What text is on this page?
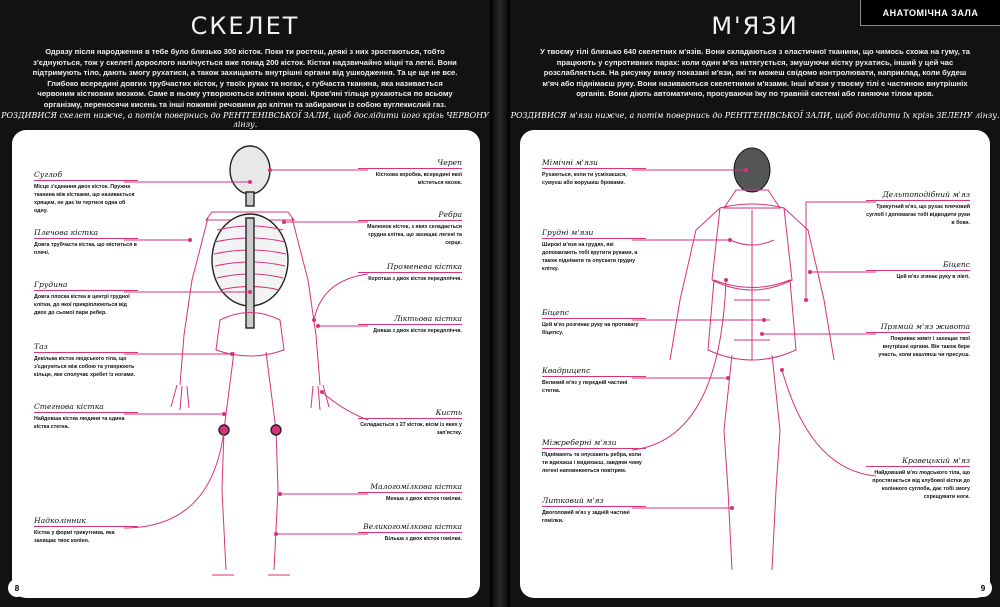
СКЕЛЕТ

Одразу після народження в тебе було близько 300 кісток. Поки ти ростеш, деякі з них зростаються, тобто з'єднуються, тож у скелеті дорослого налічується вже понад 200 кісток. Кістки надзвичайно міцні та легкі. Вони підтримують тіло, дають змогу рухатися, а також захищають внутрішні органи від ушкодження. Та це ще не все. Глибоко всередині довгих трубчастих кісток, у твоїх руках та ногах, є губчаста тканина, яка називається червоним кістковим мозком. Саме в ньому утворюються клітини крові. Кров'яні тільця рухаються по всьому організму, переносячи кисень та інші поживні речовини до клітин та забираючи із собою вуглекислий газ.

РОЗДИВИСЯ скелет нижче, а потім повернись до РЕНТГЕНІВСЬКОЇ ЗАЛИ, щоб дослідити його крізь ЧЕРВОНУ лінзу.

Суглоб
Місце з'єднання двох кісток. Пружна тканина між кістками, що називається хрящем, не дає їм тертися одна об одну.
Плечова кістка
Довга трубчаста кістка, що міститься в плечі.
Грудина
Довга плоска кістка в центрі грудної клітки, до якої прикріплюються від двох до сьомої пари ребер.
Таз
Декілька кісток людського тіла, що з'єднуються між собою та утворюють кільце, яке сполучає хребет із ногами.
Стегнова кістка
Найдовша кістка людини та єдина кістка стегна.
Надколінник
Кістка у формі трикутника, яка захищає твоє коліно.
Череп
Кісткова коробка, всередині якої міститься мозок.
Ребра
Малюнок кісток, з яких складається грудна клітка, що захищає легені та серце.
Променева кістка
Коротша з двох кісток передпліччя.
Ліктьова кістка
Довша з двох кісток передпліччя.
Кисть
Складається з 27 кісток, вісім із яких у зап'ястку.
Малогомілкова кістка
Менша з двох кісток гомілки.
Великогомілкова кістка
Більша з двох кісток гомілки.
8
АНАТОМІЧНА ЗАЛА
М'ЯЗИ

У твоєму тілі близько 640 скелетних м'язів. Вони складаються з еластичної тканини, що чимось схожа на гуму, та працюють у супротивних парах: коли один м'яз натягується, змушуючи кістку рухатись, інший у цей час розслабляється. На рисунку внизу показані м'язи, які ти можеш свідомо контролювати, наприклад, коли будеш м'яч або піднімаєш руку. Вони називаються скелетними м'язами. Інші м'язи у твоєму тілі є частиною внутрішніх органів. Вони діють автоматично, просуваючи їжу по травній системі або ганяючи тілом кров.

РОЗДИВИСЯ м'язи нижче, а потім повернись до РЕНТГЕНІВСЬКОЇ ЗАЛИ, щоб дослідити їх крізь ЗЕЛЕНУ лінзу.

Мімічні м'язи
Рухаються, коли ти усміхаєшся, сумуєш або ворушиш бровами.
Грудні м'язи
Широкі м'язи на грудях, які допомагають тобі крутити руками, а також піднімати та опускати грудну клітку.
Біцепс
Цей м'яз розгинає руку на противагу біцепсу.
Квадрицепс
Великий м'яз у передній частині стегна.
Міжреберні м'язи
Піднімають та опускають ребра, коли ти вдихаєш і видихаєш, завдяки чому легені наповнюються повітрям.
Литковий м'яз
Двоголовий м'яз у задній частині гомілки.
Дельтоподібний м'яз
Трикутний м'яз, що рухає плечовий суглоб і допомагає тобі відводити руки в боки.
Біцепс
Цей м'яз згинає руку в лікті.
Прямий м'яз живота
Покриває живіт і захищає твої внутрішні органи. Він також бере участь, коли кашляєш чи пресуєш.
Кравецький м'яз
Найдовший м'яз людського тіла, що простягається від клубової кістки до колінного суглоба, дає тобі змогу схрещувати ноги.
9
